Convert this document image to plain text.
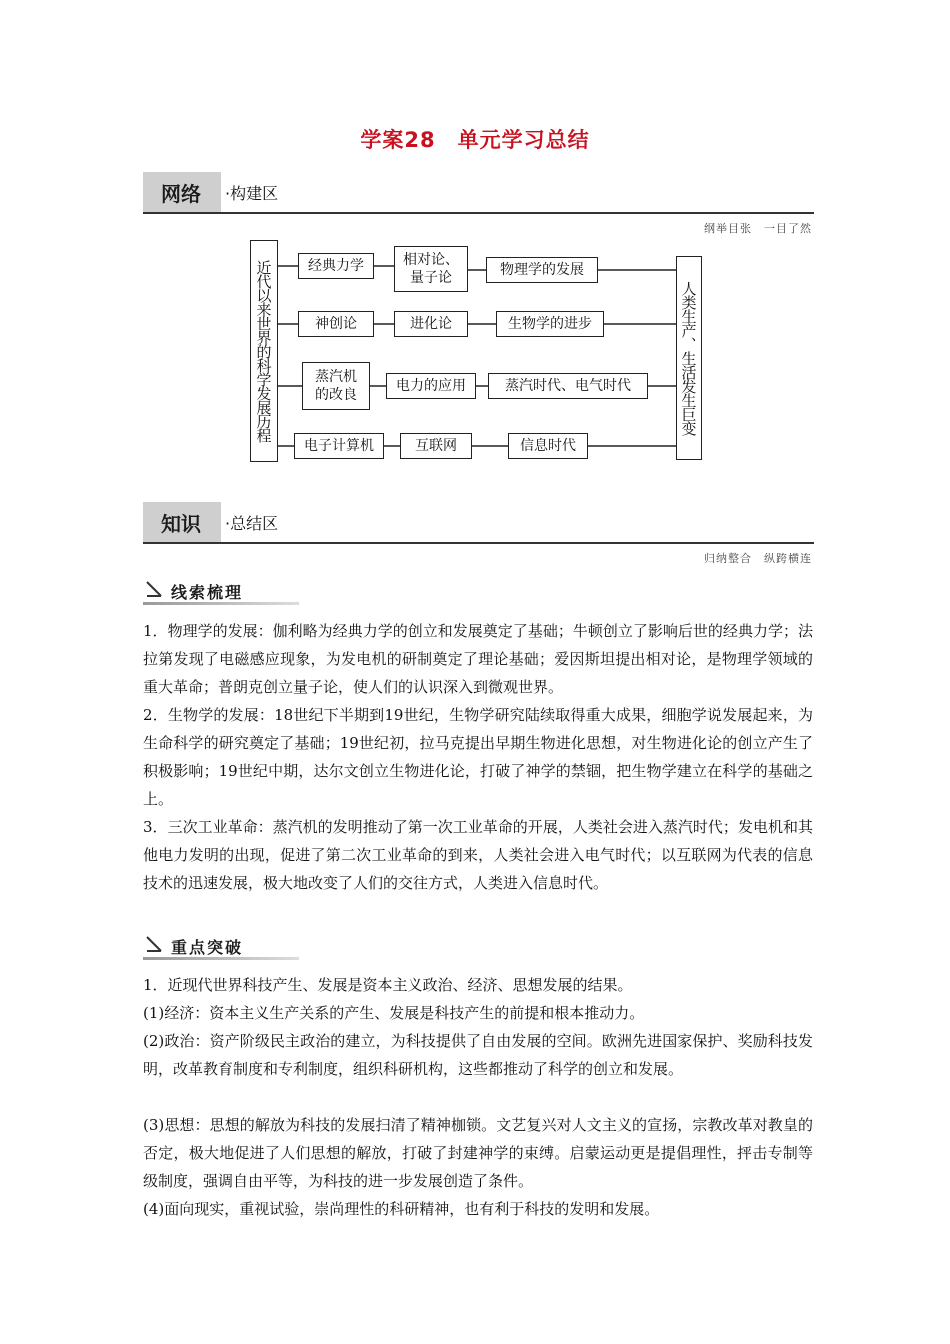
学案28　单元学习总结
网络 ·构建区
纲举目张　一目了然
近代以来世界的科学发展历程	人类生产、生活发生巨变
经典力学	相对论、量子论	物理学的发展
神创论	进化论	生物学的进步
蒸汽机的改良
电力的应用	蒸汽时代、电气时代
电子计算机	互联网	信息时代
知识 ·总结区
归纳整合　纵跨横连
线索梳理

1．物理学的发展：伽利略为经典力学的创立和发展奠定了基础；牛顿创立了影响后世的经典力学；法拉第发现了电磁感应现象，为发电机的研制奠定了理论基础；爱因斯坦提出相对论，是物理学领域的重大革命；普朗克创立量子论，使人们的认识深入到微观世界。

2．生物学的发展：18世纪下半期到19世纪，生物学研究陆续取得重大成果，细胞学说发展起来，为生命科学的研究奠定了基础；19世纪初，拉马克提出早期生物进化思想，对生物进化论的创立产生了积极影响；19世纪中期，达尔文创立生物进化论，打破了神学的禁锢，把生物学建立在科学的基础之上。

3．三次工业革命：蒸汽机的发明推动了第一次工业革命的开展，人类社会进入蒸汽时代；发电机和其他电力发明的出现，促进了第二次工业革命的到来，人类社会进入电气时代；以互联网为代表的信息技术的迅速发展，极大地改变了人们的交往方式，人类进入信息时代。

重点突破

1．近现代世界科技产生、发展是资本主义政治、经济、思想发展的结果。

(1)经济：资本主义生产关系的产生、发展是科技产生的前提和根本推动力。

(2)政治：资产阶级民主政治的建立，为科技提供了自由发展的空间。欧洲先进国家保护、奖励科技发明，改革教育制度和专利制度，组织科研机构，这些都推动了科学的创立和发展。

(3)思想：思想的解放为科技的发展扫清了精神枷锁。文艺复兴对人文主义的宣扬，宗教改革对教皇的否定，极大地促进了人们思想的解放，打破了封建神学的束缚。启蒙运动更是提倡理性，抨击专制等级制度，强调自由平等，为科技的进一步发展创造了条件。

(4)面向现实，重视试验，崇尚理性的科研精神，也有利于科技的发明和发展。
